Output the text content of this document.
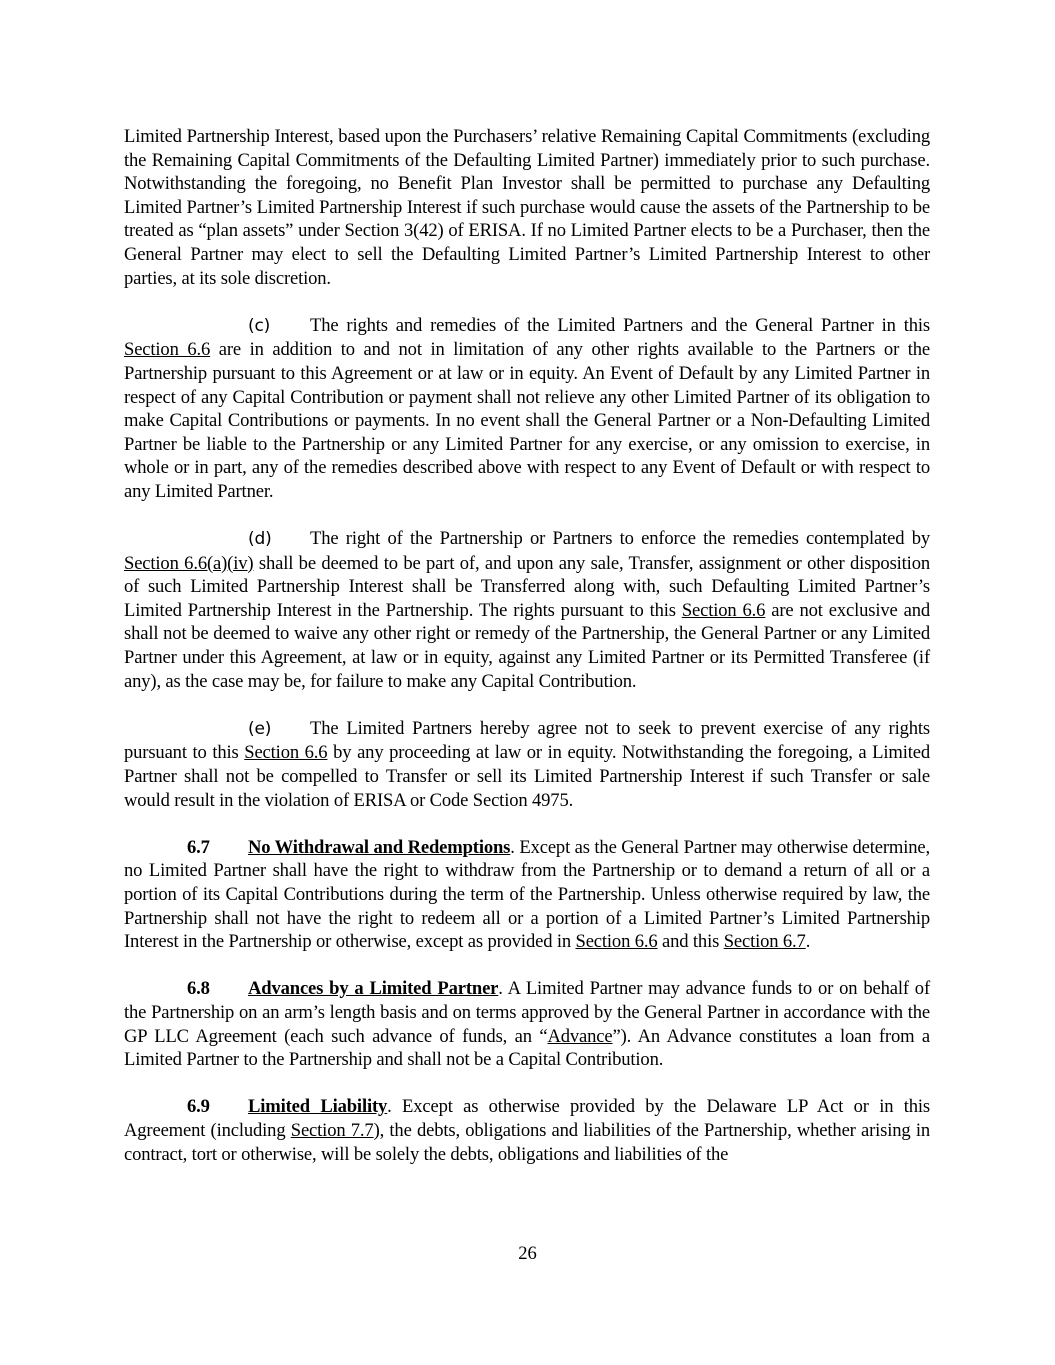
Limited Partnership Interest, based upon the Purchasers’ relative Remaining Capital Commitments (excluding the Remaining Capital Commitments of the Defaulting Limited Partner) immediately prior to such purchase. Notwithstanding the foregoing, no Benefit Plan Investor shall be permitted to purchase any Defaulting Limited Partner’s Limited Partnership Interest if such purchase would cause the assets of the Partnership to be treated as “plan assets” under Section 3(42) of ERISA. If no Limited Partner elects to be a Purchaser, then the General Partner may elect to sell the Defaulting Limited Partner’s Limited Partnership Interest to other parties, at its sole discretion.

(c) The rights and remedies of the Limited Partners and the General Partner in this Section 6.6 are in addition to and not in limitation of any other rights available to the Partners or the Partnership pursuant to this Agreement or at law or in equity. An Event of Default by any Limited Partner in respect of any Capital Contribution or payment shall not relieve any other Limited Partner of its obligation to make Capital Contributions or payments. In no event shall the General Partner or a Non-Defaulting Limited Partner be liable to the Partnership or any Limited Partner for any exercise, or any omission to exercise, in whole or in part, any of the remedies described above with respect to any Event of Default or with respect to any Limited Partner.

(d) The right of the Partnership or Partners to enforce the remedies contemplated by Section 6.6(a)(iv) shall be deemed to be part of, and upon any sale, Transfer, assignment or other disposition of such Limited Partnership Interest shall be Transferred along with, such Defaulting Limited Partner’s Limited Partnership Interest in the Partnership. The rights pursuant to this Section 6.6 are not exclusive and shall not be deemed to waive any other right or remedy of the Partnership, the General Partner or any Limited Partner under this Agreement, at law or in equity, against any Limited Partner or its Permitted Transferee (if any), as the case may be, for failure to make any Capital Contribution.

(e) The Limited Partners hereby agree not to seek to prevent exercise of any rights pursuant to this Section 6.6 by any proceeding at law or in equity. Notwithstanding the foregoing, a Limited Partner shall not be compelled to Transfer or sell its Limited Partnership Interest if such Transfer or sale would result in the violation of ERISA or Code Section 4975.

6.7 No Withdrawal and Redemptions. Except as the General Partner may otherwise determine, no Limited Partner shall have the right to withdraw from the Partnership or to demand a return of all or a portion of its Capital Contributions during the term of the Partnership. Unless otherwise required by law, the Partnership shall not have the right to redeem all or a portion of a Limited Partner’s Limited Partnership Interest in the Partnership or otherwise, except as provided in Section 6.6 and this Section 6.7.

6.8 Advances by a Limited Partner. A Limited Partner may advance funds to or on behalf of the Partnership on an arm’s length basis and on terms approved by the General Partner in accordance with the GP LLC Agreement (each such advance of funds, an “Advance”). An Advance constitutes a loan from a Limited Partner to the Partnership and shall not be a Capital Contribution.

6.9 Limited Liability. Except as otherwise provided by the Delaware LP Act or in this Agreement (including Section 7.7), the debts, obligations and liabilities of the Partnership, whether arising in contract, tort or otherwise, will be solely the debts, obligations and liabilities of the

26
